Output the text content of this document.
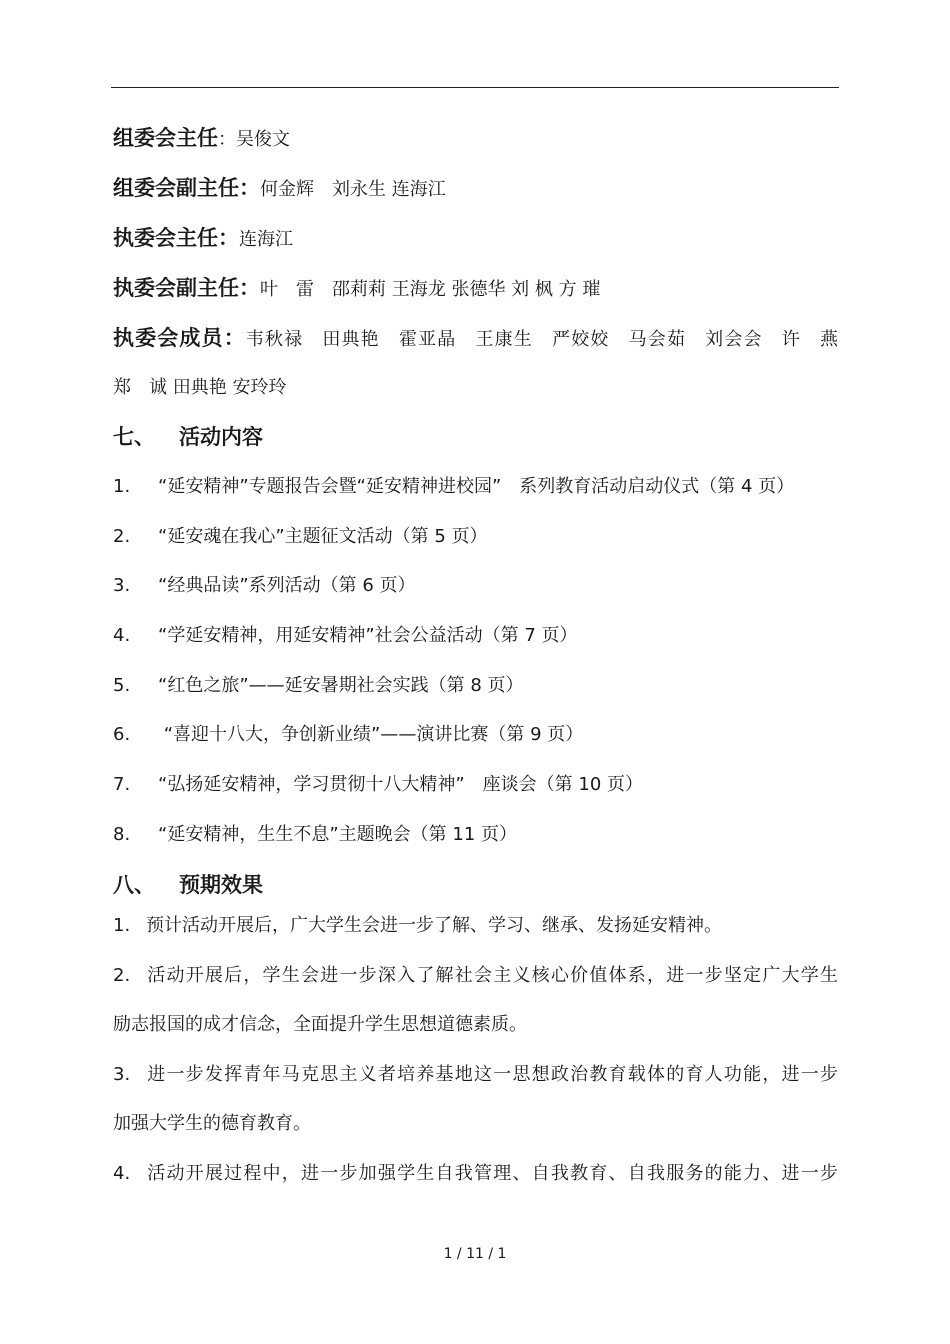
组委会主任：吴俊文
组委会副主任：何金辉　刘永生 连海江
执委会主任：连海江
执委会副主任：叶　雷　邵莉莉 王海龙 张德华 刘 枫 方 璀
执委会成员：韦秋禄　田典艳　霍亚晶　王康生　严姣姣　马会茹　刘会会　许　燕
郑　诚 田典艳 安玲玲
七、 活动内容
1. “延安精神”专题报告会暨“延安精神进校园”　系列教育活动启动仪式（第 4 页）
2. “延安魂在我心”主题征文活动（第 5 页）
3. “经典品读”系列活动（第 6 页）
4. “学延安精神，用延安精神”社会公益活动（第 7 页）
5. “红色之旅”——延安暑期社会实践（第 8 页）
6. “喜迎十八大，争创新业绩”——演讲比赛（第 9 页）
7. “弘扬延安精神，学习贯彻十八大精神”　座谈会（第 10 页）
8. “延安精神，生生不息”主题晚会（第 11 页）
八、 预期效果
1. 预计活动开展后，广大学生会进一步了解、学习、继承、发扬延安精神。
2. 活动开展后，学生会进一步深入了解社会主义核心价值体系，进一步坚定广大学生
励志报国的成才信念，全面提升学生思想道德素质。
3. 进一步发挥青年马克思主义者培养基地这一思想政治教育载体的育人功能，进一步
加强大学生的德育教育。
4. 活动开展过程中，进一步加强学生自我管理、自我教育、自我服务的能力、进一步
1 / 11 / 1
